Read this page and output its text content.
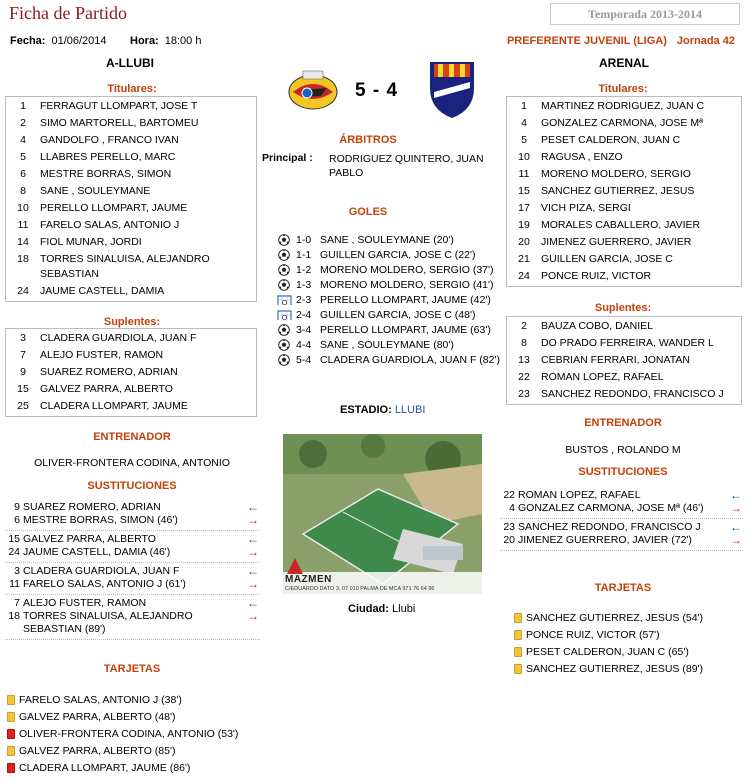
Ficha de Partido	Temporada 2013-2014
Fecha: 01/06/2014 Hora: 18:00 h	PREFERENTE JUVENIL (LIGA) Jornada 42
A-LLUBI	ARENAL
5 - 4
Titulares:
1	FERRAGUT LLOMPART, JOSE T
2	SIMO MARTORELL, BARTOMEU
4	GANDOLFO , FRANCO IVAN
5	LLABRES PERELLO, MARC
6	MESTRE BORRAS, SIMON
8	SANE , SOULEYMANE
10	PERELLO LLOMPART, JAUME
11	FARELO SALAS, ANTONIO J
14	FIOL MUNAR, JORDI
18	TORRES SINALUISA, ALEJANDRO SEBASTIAN
24	JAUME CASTELL, DAMIA
Suplentes:
3	CLADERA GUARDIOLA, JUAN F
7	ALEJO FUSTER, RAMON
9	SUAREZ ROMERO, ADRIAN
15	GALVEZ PARRA, ALBERTO
25	CLADERA LLOMPART, JAUME
ENTRENADOR
OLIVER-FRONTERA CODINA, ANTONIO
SUSTITUCIONES
9 SUAREZ ROMERO, ADRIAN	←
6 MESTRE BORRAS, SIMON (46')	→
15 GALVEZ PARRA, ALBERTO	←
24 JAUME CASTELL, DAMIA (46')	→
3 CLADERA GUARDIOLA, JUAN F	←
11 FARELO SALAS, ANTONIO J (61')	→
7 ALEJO FUSTER, RAMON	←
18 TORRES SINALUISA, ALEJANDRO SEBASTIAN (89')
→
TARJETAS
FARELO SALAS, ANTONIO J (38')
GALVEZ PARRA, ALBERTO (48')
OLIVER-FRONTERA CODINA, ANTONIO (53')
GALVEZ PARRA, ALBERTO (85')
CLADERA LLOMPART, JAUME (86')
ÁRBITROS
Principal :	RODRIGUEZ QUINTERO, JUAN PABLO
GOLES
1-0 SANE , SOULEYMANE (20')
1-1 GUILLEN GARCIA, JOSE C (22')
1-2 MORENO MOLDERO, SERGIO (37')
1-3 MORENO MOLDERO, SERGIO (41')
2-3 PERELLO LLOMPART, JAUME (42')
2-4 GUILLEN GARCIA, JOSE C (48')
3-4 PERELLO LLOMPART, JAUME (63')
4-4 SANE , SOULEYMANE (80')
5-4 CLADERA GUARDIOLA, JUAN F (82')
ESTADIO: LLUBI
MAZMEN
C/EDUARDO DATO 3, 07 010 PALMA DE MCA 971 76 64 96
Ciudad: Llubi
Titulares:
1	MARTINEZ RODRIGUEZ, JUAN C
4	GONZALEZ CARMONA, JOSE Mª
5	PESET CALDERON, JUAN C
10	RAGUSA , ENZO
11	MORENO MOLDERO, SERGIO
15	SANCHEZ GUTIERREZ, JESUS
17	VICH PIZA, SERGI
19	MORALES CABALLERO, JAVIER
20	JIMENEZ GUERRERO, JAVIER
21	GUILLEN GARCIA, JOSE C
24	PONCE RUIZ, VICTOR
Suplentes:
2	BAUZA COBO, DANIEL
8	DO PRADO FERREIRA, WANDER L
13	CEBRIAN FERRARI, JONATAN
22	ROMAN LOPEZ, RAFAEL
23	SANCHEZ REDONDO, FRANCISCO J
ENTRENADOR
BUSTOS , ROLANDO M
SUSTITUCIONES
22 ROMAN LOPEZ, RAFAEL	←
4 GONZALEZ CARMONA, JOSE Mª (46')	→
23 SANCHEZ REDONDO, FRANCISCO J	←
20 JIMENEZ GUERRERO, JAVIER (72')	→
TARJETAS
SANCHEZ GUTIERREZ, JESUS (54')
PONCE RUIZ, VICTOR (57')
PESET CALDERON, JUAN C (65')
SANCHEZ GUTIERREZ, JESUS (89')
